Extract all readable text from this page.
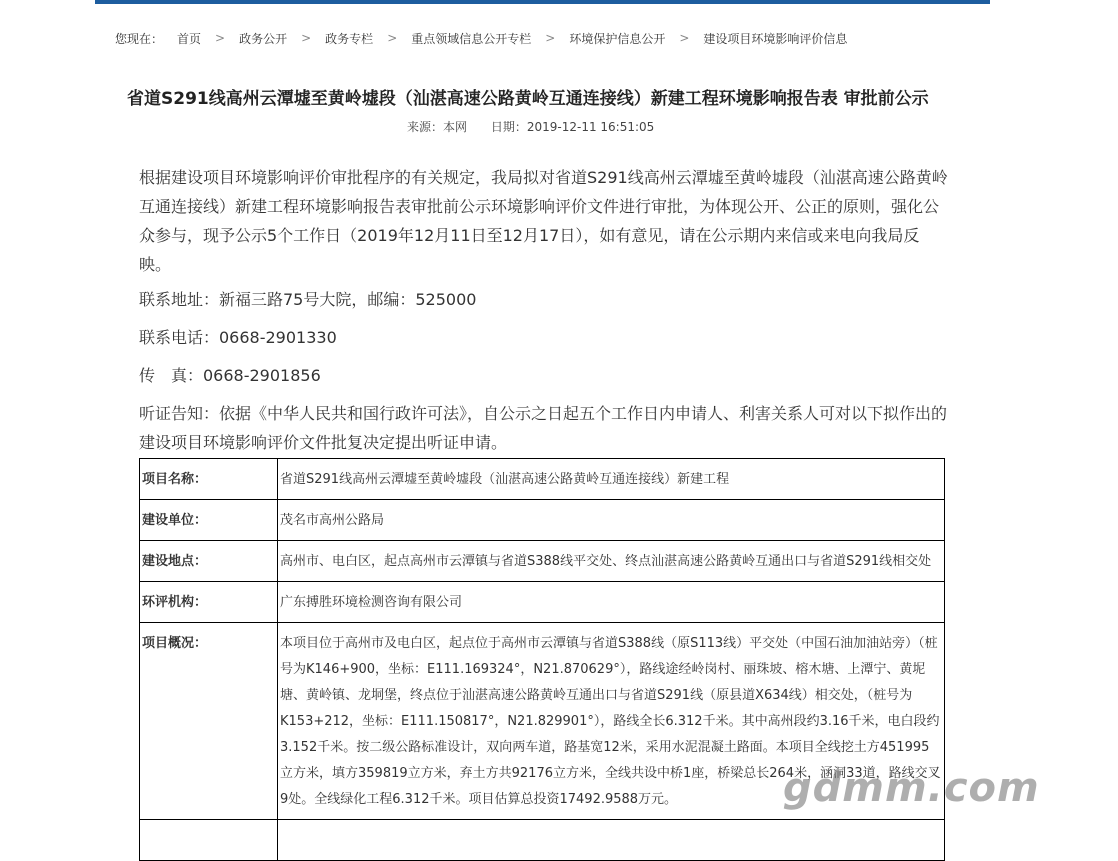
您现在： 首页 > 政务公开 > 政务专栏 > 重点领域信息公开专栏 > 环境保护信息公开 > 建设项目环境影响评价信息
省道S291线高州云潭墟至黄岭墟段（汕湛高速公路黄岭互通连接线）新建工程环境影响报告表 审批前公示
来源：本网 日期：2019-12-11 16:51:05

根据建设项目环境影响评价审批程序的有关规定，我局拟对省道S291线高州云潭墟至黄岭墟段（汕湛高速公路黄岭互通连接线）新建工程环境影响报告表审批前公示环境影响评价文件进行审批，为体现公开、公正的原则，强化公众参与，现予公示5个工作日（2019年12月11日至12月17日），如有意见，请在公示期内来信或来电向我局反映。

联系地址：新福三路75号大院，邮编：525000

联系电话：0668-2901330

传　真：0668-2901856

听证告知：依据《中华人民共和国行政许可法》，自公示之日起五个工作日内申请人、利害关系人可对以下拟作出的建设项目环境影响评价文件批复决定提出听证申请。

项目名称：	省道S291线高州云潭墟至黄岭墟段（汕湛高速公路黄岭互通连接线）新建工程
建设单位：	茂名市高州公路局
建设地点：	高州市、电白区，起点高州市云潭镇与省道S388线平交处、终点汕湛高速公路黄岭互通出口与省道S291线相交处
环评机构：	广东搏胜环境检测咨询有限公司
项目概况：	本项目位于高州市及电白区，起点位于高州市云潭镇与省道S388线（原S113线）平交处（中国石油加油站旁）（桩号为K146+900，坐标：E111.169324°，N21.870629°），路线途经岭岗村、丽珠坡、榕木塘、上潭宁、黄坭塘、黄岭镇、龙垌堡，终点位于汕湛高速公路黄岭互通出口与省道S291线（原县道X634线）相交处，（桩号为 K153+212，坐标：E111.150817°，N21.829901°），路线全长6.312千米。其中高州段约3.16千米，电白段约3.152千米。按二级公路标准设计，双向两车道，路基宽12米，采用水泥混凝土路面。本项目全线挖土方451995立方米，填方359819立方米，弃土方共92176立方米，全线共设中桥1座，桥梁总长264米，涵洞33道，路线交叉9处。全线绿化工程6.312千米。项目估算总投资17492.9588万元。
		gdmm.com
